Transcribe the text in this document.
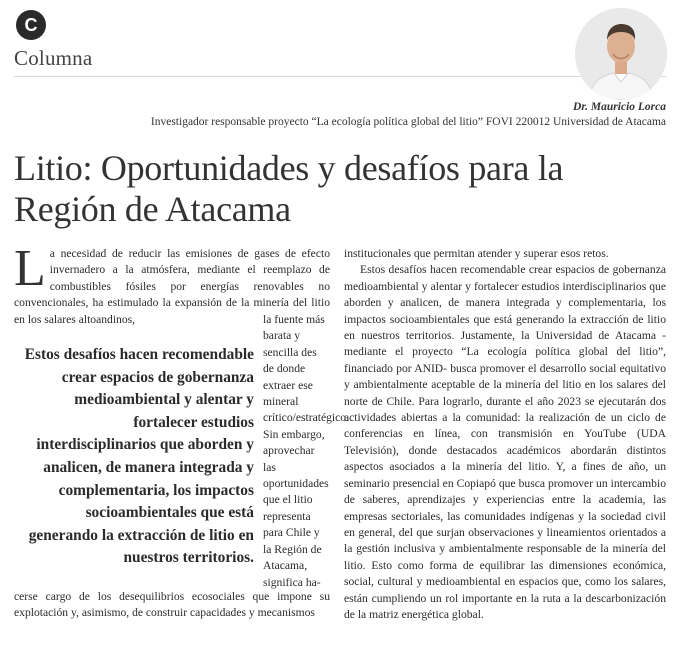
C
Columna
Dr. Mauricio Lorca
Investigador responsable proyecto “La ecología política global del litio” FOVI 220012 Universidad de Atacama
Litio: Oportunidades y desafíos para la Región de Atacama
L a necesidad de reducir las emisiones de gases de efecto invernadero a la atmósfera, mediante el reemplazo de combustibles fósiles por energías renovables no convencionales, ha estimulado la expansión de la minería del litio en los salares altoandinos,	la fuente más barata y sencilla des de donde extraer ese mineral crítico/estratégico. Sin embargo, aprovechar las oportunidades que el litio representa para Chile y la Región de Atacama, significa ha-

Estos desafíos hacen recomendable crear espacios de gobernanza medioambiental y alentar y fortalecer estudios interdisciplinarios que aborden y analicen, de manera integrada y complementaria, los impactos socioambientales que está generando la extracción de litio en nuestros territorios.

cerse cargo de los desequilibrios ecosociales que impone su explotación y, asimismo, de construir capacidades y mecanismos

institucionales que permitan atender y superar esos retos.

Estos desafíos hacen recomendable crear espacios de gobernanza medioambiental y alentar y fortalecer estudios interdisciplinarios que aborden y analicen, de manera integrada y complementaria, los impactos socioambientales que está generando la extracción de litio en nuestros territorios. Justamente, la Universidad de Atacama -mediante el proyecto “La ecología política global del litio”, financiado por ANID- busca promover el desarrollo social equitativo y ambientalmente aceptable de la minería del litio en los salares del norte de Chile. Para lograrlo, durante el año 2023 se ejecutarán dos actividades abiertas a la comunidad: la realización de un ciclo de conferencias en línea, con transmisión en YouTube (UDA Televisión), donde destacados académicos abordarán distintos aspectos asociados a la minería del litio. Y, a fines de año, un seminario presencial en Copiapó que busca promover un intercambio de saberes, aprendizajes y experiencias entre la academia, las empresas sectoriales, las comunidades indígenas y la sociedad civil en general, del que surjan observaciones y lineamientos orientados a la gestión inclusiva y ambientalmente responsable de la minería del litio. Esto como forma de equilibrar las dimensiones económica, social, cultural y medioambiental en espacios que, como los salares, están cumpliendo un rol importante en la ruta a la descarbonización de la matriz energética global.
